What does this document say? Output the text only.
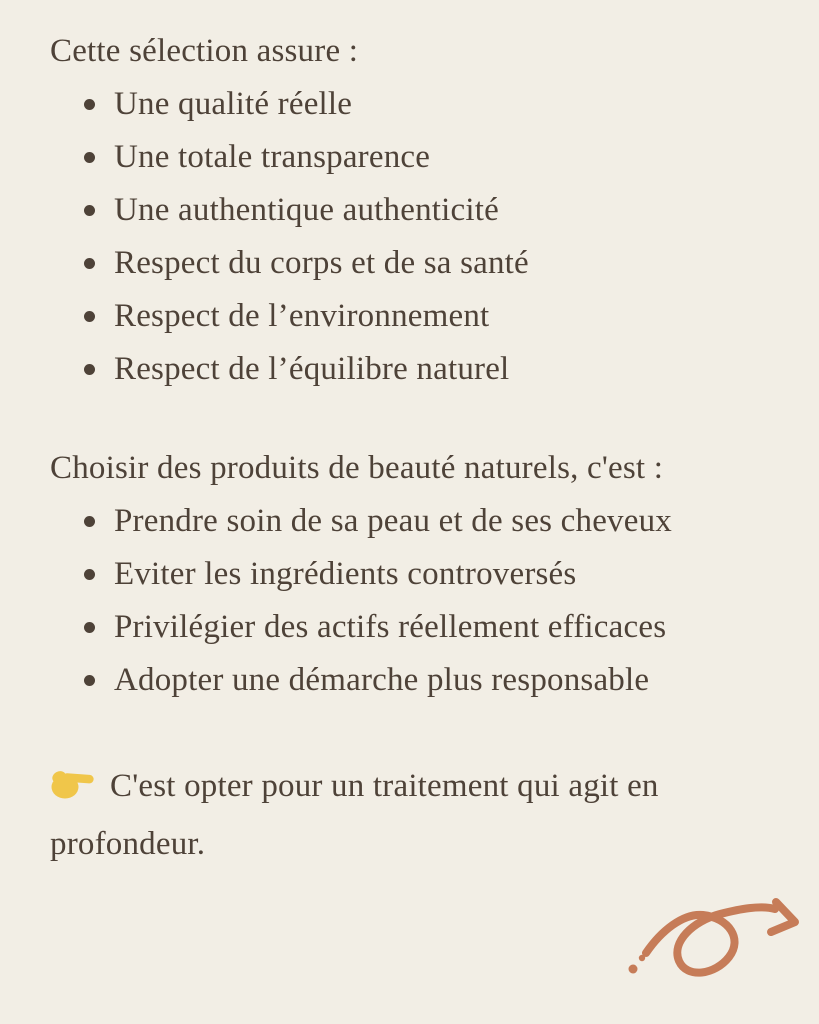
Cette sélection assure :
Une qualité réelle
Une totale transparence
Une authentique authenticité
Respect du corps et de sa santé
Respect de l’environnement
Respect de l’équilibre naturel
Choisir des produits de beauté naturels, c'est :
Prendre soin de sa peau et de ses cheveux
Eviter les ingrédients controversés
Privilégier des actifs réellement efficaces
Adopter une démarche plus responsable

C'est opter pour un traitement qui agit en profondeur.
